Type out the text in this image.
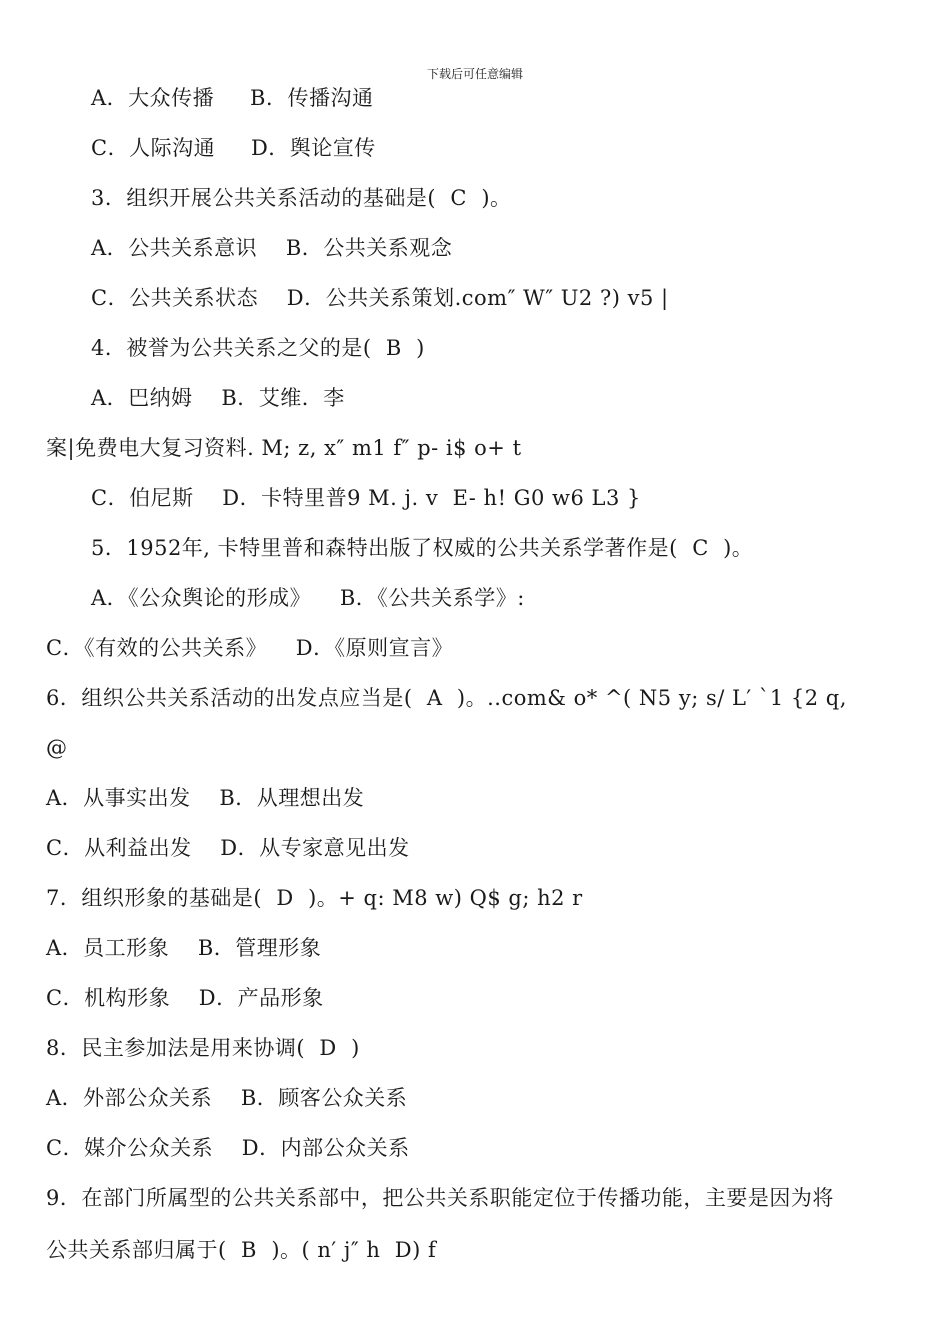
下载后可任意编辑
A．大众传播     B．传播沟通
C．人际沟通     D．舆论宣传
3．组织开展公共关系活动的基础是(  C  )。
A．公共关系意识    B．公共关系观念
C．公共关系状态    D．公共关系策划.com″ W″ U2 ?) v5 |
4．被誉为公共关系之父的是(  B  )
A．巴纳姆    B．艾维．李
案|免费电大复习资料. M; z, x″ m1 f″ p- i$ o+ t
C．伯尼斯    D．卡特里普9 M. j. v  E- h! G0 w6 L3 }
5．1952年, 卡特里普和森特出版了权威的公共关系学著作是(  C  )。
A．《公众舆论的形成》    B．《公共关系学》:
C．《有效的公共关系》    D．《原则宣言》
6．组织公共关系活动的出发点应当是(  A  )。..com& o* ^( N5 y; s/ L′ `1 {2 q,
@
A．从事实出发    B．从理想出发
C．从利益出发    D．从专家意见出发
7．组织形象的基础是(  D  )。+ q: M8 w) Q$ g; h2 r
A．员工形象    B．管理形象
C．机构形象    D．产品形象
8．民主参加法是用来协调(  D  )
A．外部公众关系    B．顾客公众关系
C．媒介公众关系    D．内部公众关系
9．在部门所属型的公共关系部中，把公共关系职能定位于传播功能，主要是因为将
公共关系部归属于(  B  )。( n′ j″ h  D) f
